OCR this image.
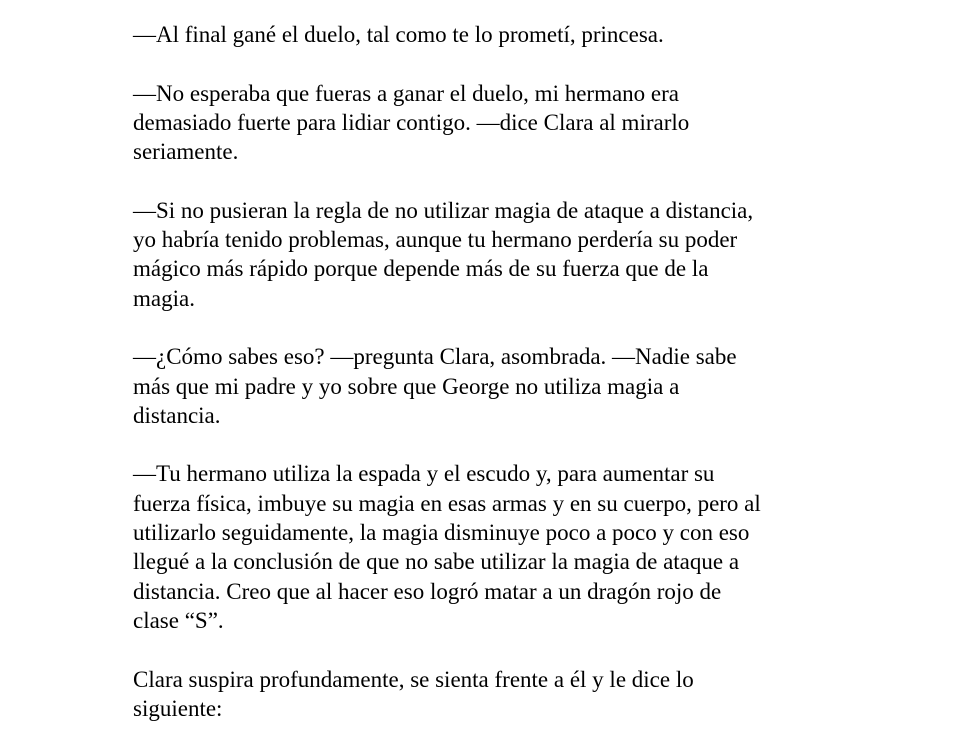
—Al final gané el duelo, tal como te lo prometí, princesa.

—No esperaba que fueras a ganar el duelo, mi hermano era
demasiado fuerte para lidiar contigo. —dice Clara al mirarlo
seriamente.

—Si no pusieran la regla de no utilizar magia de ataque a distancia,
yo habría tenido problemas, aunque tu hermano perdería su poder
mágico más rápido porque depende más de su fuerza que de la
magia.

—¿Cómo sabes eso? —pregunta Clara, asombrada. —Nadie sabe
más que mi padre y yo sobre que George no utiliza magia a
distancia.

—Tu hermano utiliza la espada y el escudo y, para aumentar su
fuerza física, imbuye su magia en esas armas y en su cuerpo, pero al
utilizarlo seguidamente, la magia disminuye poco a poco y con eso
llegué a la conclusión de que no sabe utilizar la magia de ataque a
distancia. Creo que al hacer eso logró matar a un dragón rojo de
clase “S”.

Clara suspira profundamente, se sienta frente a él y le dice lo
siguiente:
